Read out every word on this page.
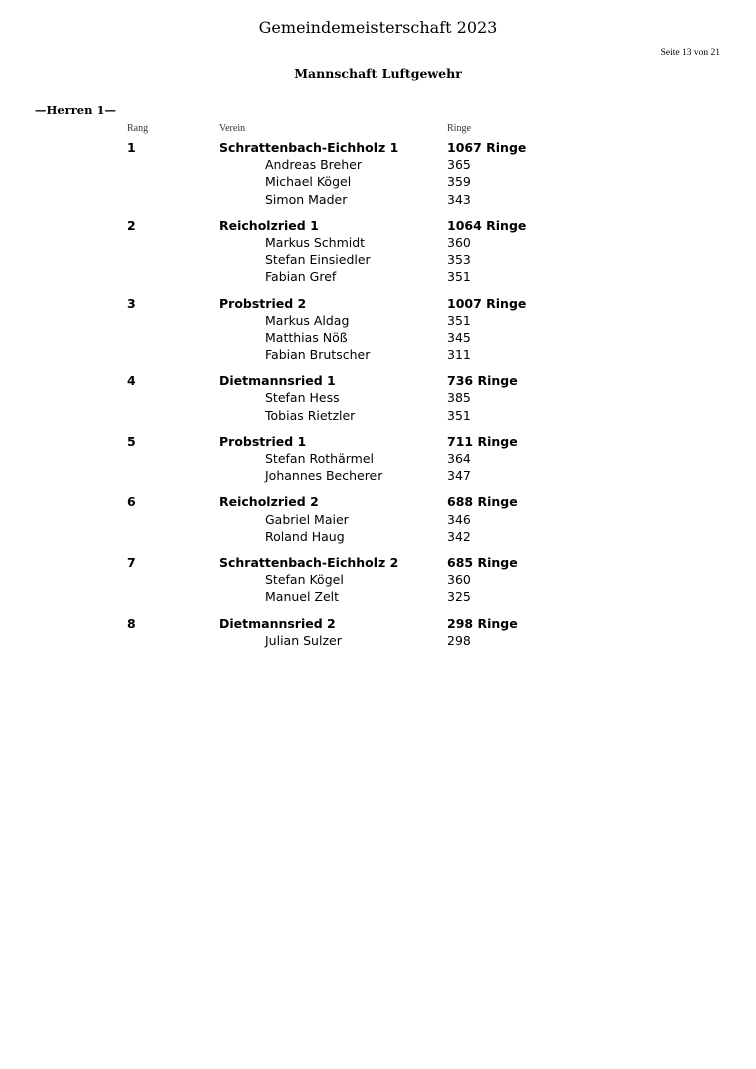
Gemeindemeisterschaft 2023
Seite 13 von 21
Mannschaft Luftgewehr
—Herren 1—
Rang	Verein	Ringe
1	Schrattenbach-Eichholz 1	1067 Ringe
Andreas Breher	365
Michael Kögel	359
Simon Mader	343
2	Reicholzried 1	1064 Ringe
Markus Schmidt	360
Stefan Einsiedler	353
Fabian Gref	351
3	Probstried 2	1007 Ringe
Markus Aldag	351
Matthias Nöß	345
Fabian Brutscher	311
4	Dietmannsried 1	736 Ringe
Stefan Hess	385
Tobias Rietzler	351
5	Probstried 1	711 Ringe
Stefan Rothärmel	364
Johannes Becherer	347
6	Reicholzried 2	688 Ringe
Gabriel Maier	346
Roland Haug	342
7	Schrattenbach-Eichholz 2	685 Ringe
Stefan Kögel	360
Manuel Zelt	325
8	Dietmannsried 2	298 Ringe
Julian Sulzer	298
